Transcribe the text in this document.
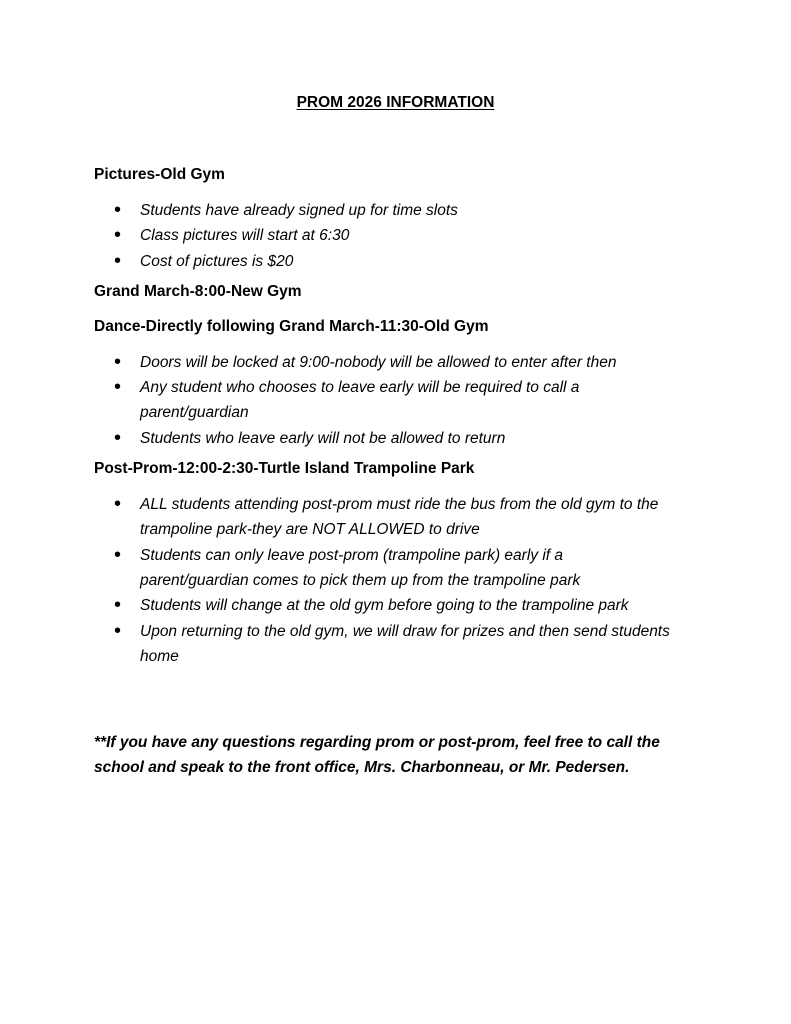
PROM 2026 INFORMATION

Pictures-Old Gym

• Students have already signed up for time slots
• Class pictures will start at 6:30
• Cost of pictures is $20

Grand March-8:00-New Gym

Dance-Directly following Grand March-11:30-Old Gym

• Doors will be locked at 9:00-nobody will be allowed to enter after then
• Any student who chooses to leave early will be required to call a parent/guardian
• Students who leave early will not be allowed to return

Post-Prom-12:00-2:30-Turtle Island Trampoline Park

• ALL students attending post-prom must ride the bus from the old gym to the trampoline park-they are NOT ALLOWED to drive
• Students can only leave post-prom (trampoline park) early if a parent/guardian comes to pick them up from the trampoline park
• Students will change at the old gym before going to the trampoline park
• Upon returning to the old gym, we will draw for prizes and then send students home

**If you have any questions regarding prom or post-prom, feel free to call the school and speak to the front office, Mrs. Charbonneau, or Mr. Pedersen.
